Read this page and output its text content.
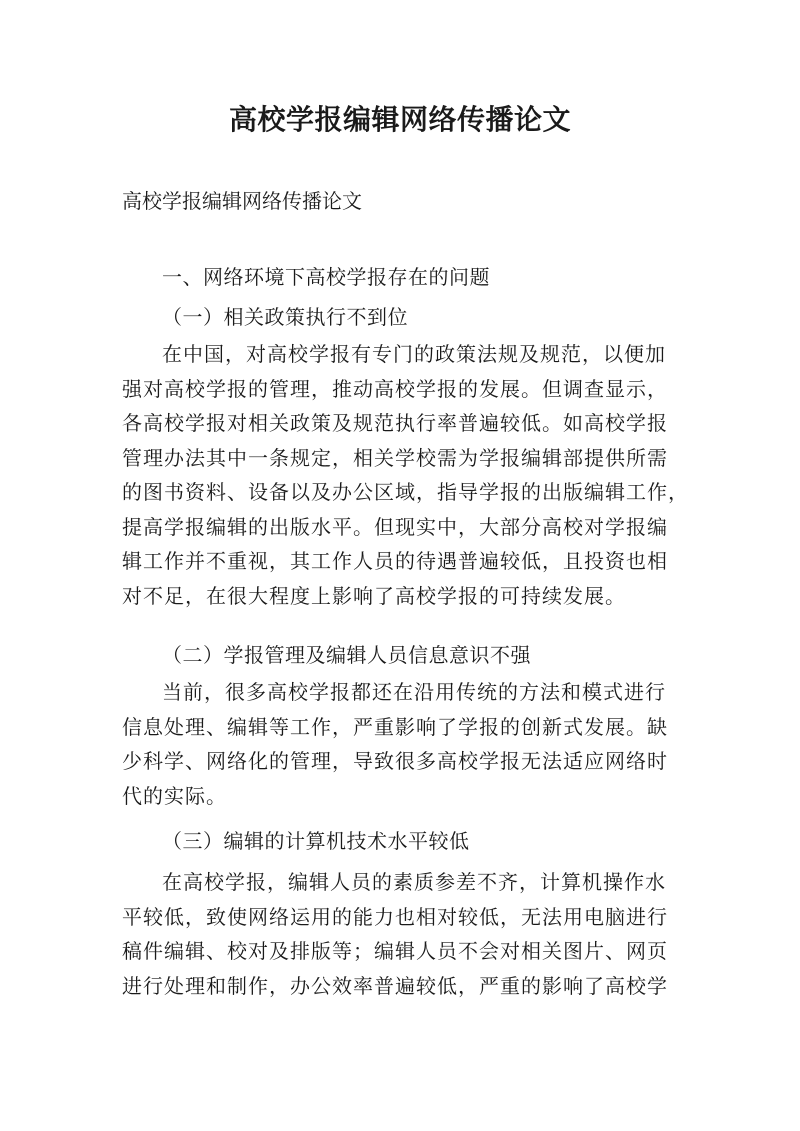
高校学报编辑网络传播论文
高校学报编辑网络传播论文
一、网络环境下高校学报存在的问题
（一）相关政策执行不到位
在中国，对高校学报有专门的政策法规及规范，以便加
强对高校学报的管理，推动高校学报的发展。但调查显示，
各高校学报对相关政策及规范执行率普遍较低。如高校学报
管理办法其中一条规定，相关学校需为学报编辑部提供所需
的图书资料、设备以及办公区域，指导学报的出版编辑工作，
提高学报编辑的出版水平。但现实中，大部分高校对学报编
辑工作并不重视，其工作人员的待遇普遍较低，且投资也相
对不足，在很大程度上影响了高校学报的可持续发展。
（二）学报管理及编辑人员信息意识不强
当前，很多高校学报都还在沿用传统的方法和模式进行
信息处理、编辑等工作，严重影响了学报的创新式发展。缺
少科学、网络化的管理，导致很多高校学报无法适应网络时
代的实际。
（三）编辑的计算机技术水平较低
在高校学报，编辑人员的素质参差不齐，计算机操作水
平较低，致使网络运用的能力也相对较低，无法用电脑进行
稿件编辑、校对及排版等；编辑人员不会对相关图片、网页
进行处理和制作，办公效率普遍较低，严重的影响了高校学
